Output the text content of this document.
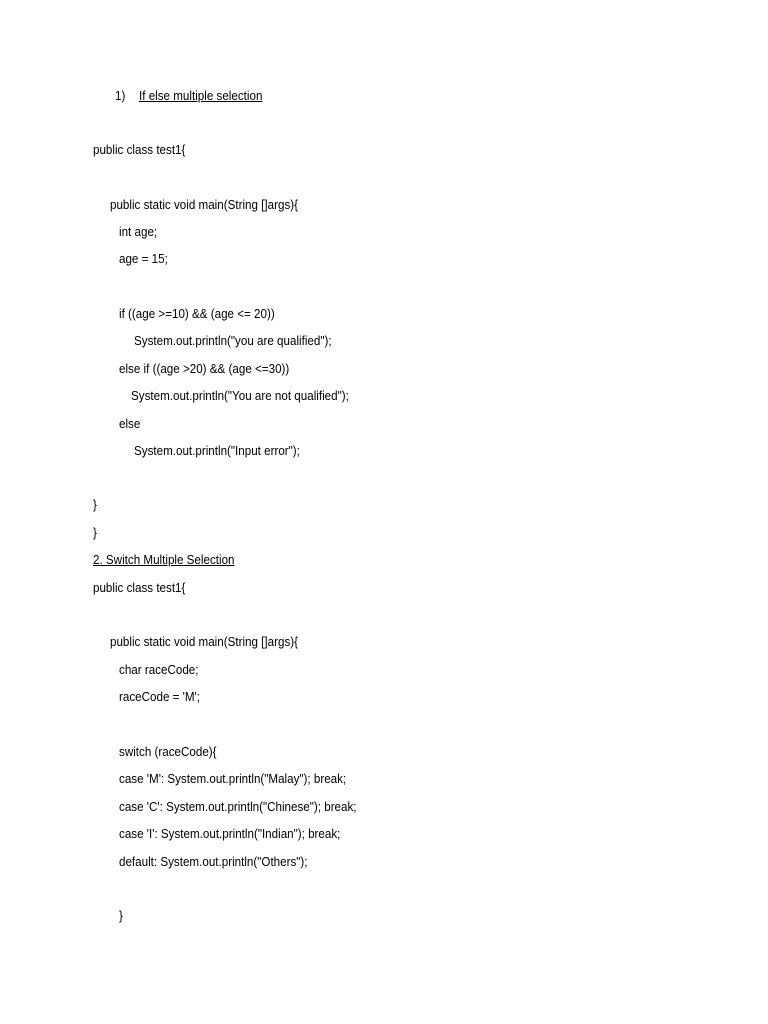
1) If else multiple selection
public class test1{
public static void main(String []args){
int age;
age = 15;
if ((age >=10) && (age <= 20))
System.out.println("you are qualified");
else if ((age >20) && (age <=30))
System.out.println("You are not qualified");
else
System.out.println("Input error");
}
}
2. Switch Multiple Selection
public class test1{
public static void main(String []args){
char raceCode;
raceCode = 'M';
switch (raceCode){
case 'M': System.out.println("Malay"); break;
case 'C': System.out.println("Chinese"); break;
case 'I': System.out.println("Indian"); break;
default: System.out.println("Others");
}
